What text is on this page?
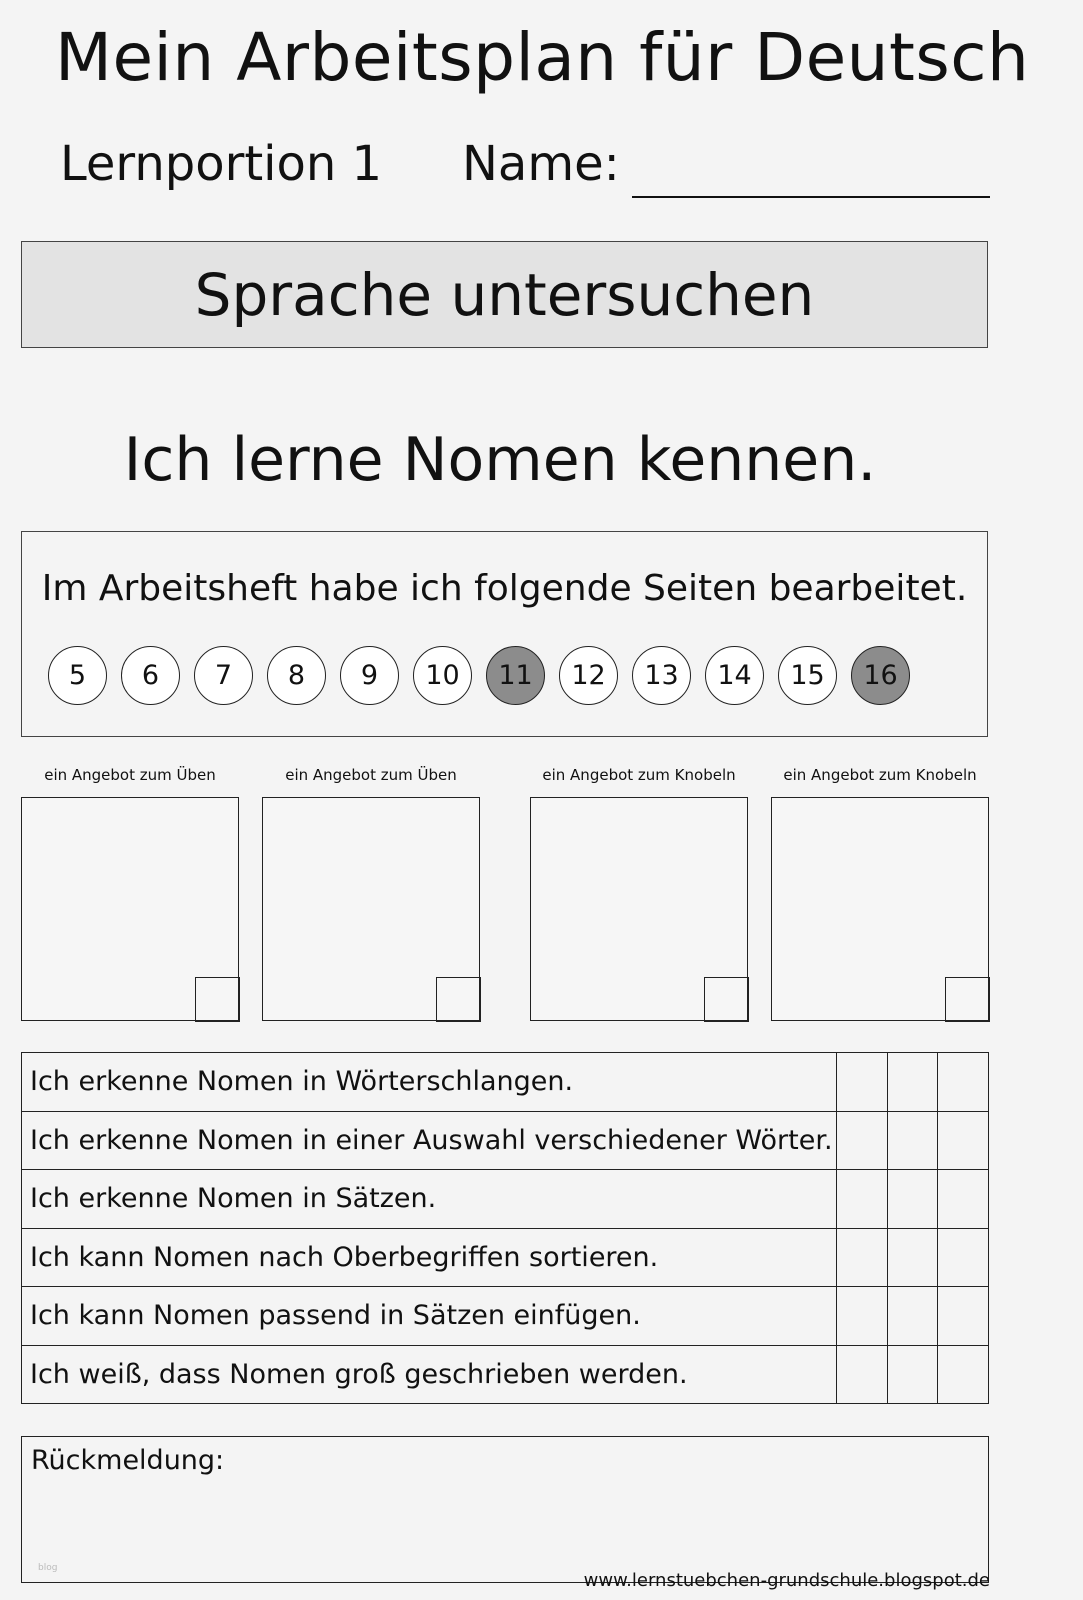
Mein Arbeitsplan für Deutsch
Lernportion 1 Name:
Sprache untersuchen
Ich lerne Nomen kennen.
Im Arbeitsheft habe ich folgende Seiten bearbeitet.
5	6	7	8	9	10	11	12	13	14	15	16
ein Angebot zum Üben	ein Angebot zum Üben	ein Angebot zum Knobeln	ein Angebot zum Knobeln
Ich erkenne Nomen in Wörterschlangen.			
Ich erkenne Nomen in einer Auswahl verschiedener Wörter.			
Ich erkenne Nomen in Sätzen.			
Ich kann Nomen nach Oberbegriffen sortieren.			
Ich kann Nomen passend in Sätzen einfügen.			
Ich weiß, dass Nomen groß geschrieben werden.			
Rückmeldung:
blog
www.lernstuebchen-grundschule.blogspot.de
